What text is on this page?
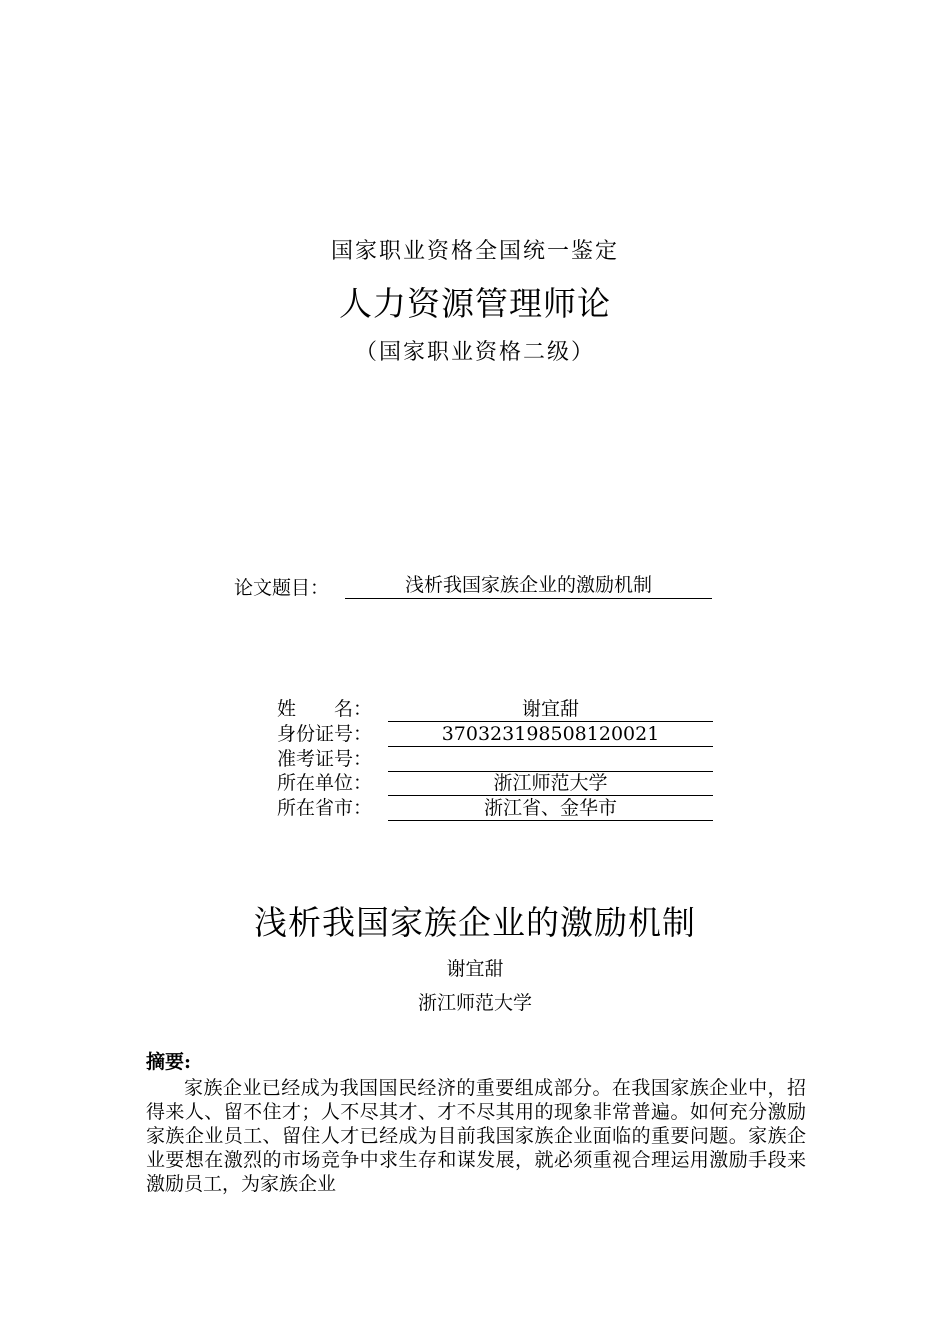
国家职业资格全国统一鉴定
人力资源管理师论
（国家职业资格二级）
论文题目：	浅析我国家族企业的激励机制
姓　　名：	谢宜甜
身份证号：	370323198508120021
准考证号：
所在单位：	浙江师范大学
所在省市：	浙江省、金华市
浅析我国家族企业的激励机制
谢宜甜
浙江师范大学
摘要:
家族企业已经成为我国国民经济的重要组成部分。在我国家族企业中，招得来人、留不住才；人不尽其才、才不尽其用的现象非常普遍。如何充分激励家族企业员工、留住人才已经成为目前我国家族企业面临的重要问题。家族企业要想在激烈的市场竞争中求生存和谋发展，就必须重视合理运用激励手段来激励员工，为家族企业
